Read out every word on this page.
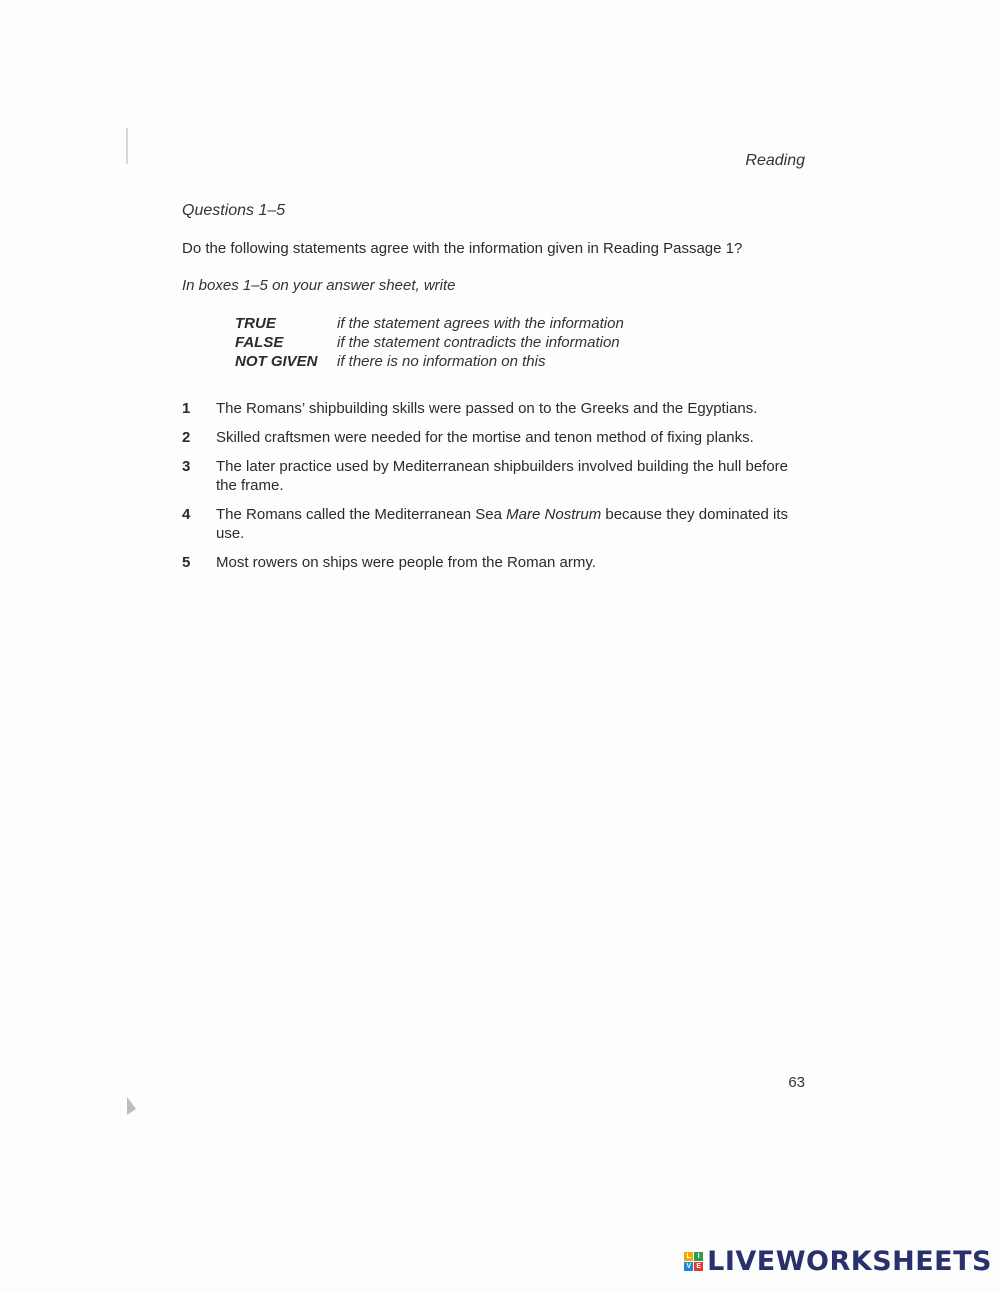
Reading
Questions 1–5
Do the following statements agree with the information given in Reading Passage 1?
In boxes 1–5 on your answer sheet, write
TRUE	if the statement agrees with the information
FALSE	if the statement contradicts the information
NOT GIVEN	if there is no information on this
1	The Romans’ shipbuilding skills were passed on to the Greeks and the Egyptians.
2	Skilled craftsmen were needed for the mortise and tenon method of fixing planks.
3	The later practice used by Mediterranean shipbuilders involved building the hull before the frame.
4	The Romans called the Mediterranean Sea Mare Nostrum because they dominated its use.
5	Most rowers on ships were people from the Roman army.
63
L I
V E LIVEWORKSHEETS
